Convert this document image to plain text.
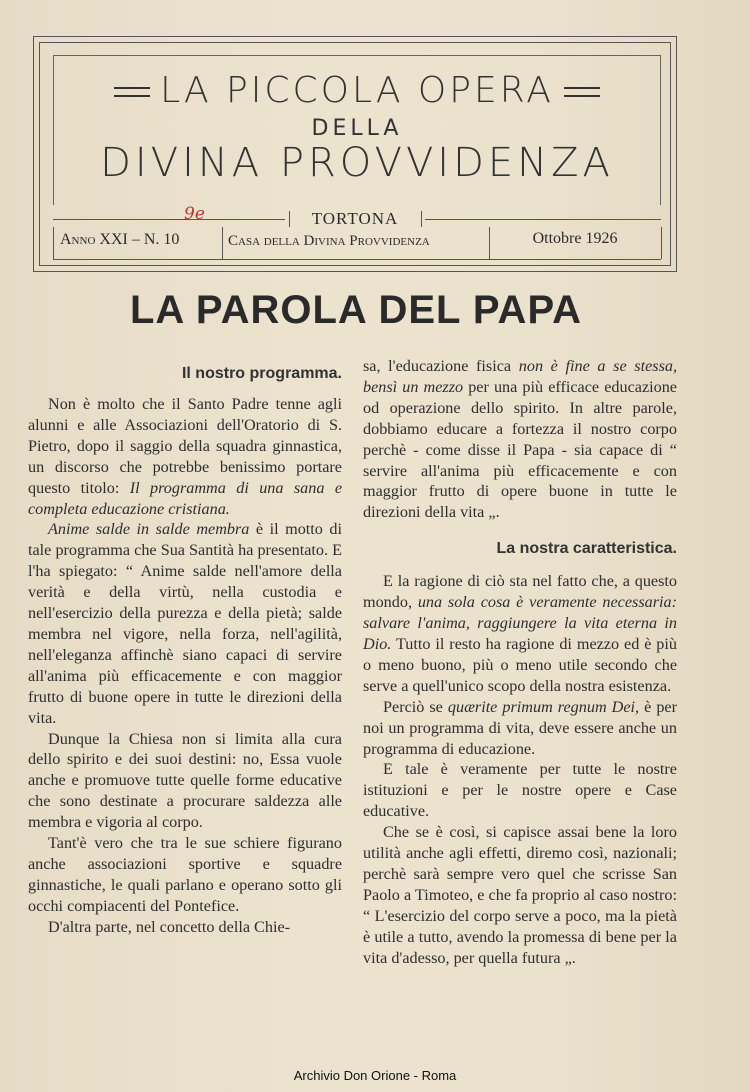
LA PICCOLA OPERA
DELLA
DIVINA PROVVIDENZA
TORTONA
Anno XXI – N. 10	Casa della Divina Provvidenza	Ottobre 1926
9e
LA PAROLA DEL PAPA
Il nostro programma.

Non è molto che il Santo Padre tenne agli alunni e alle Associazioni dell'Oratorio di S. Pietro, dopo il saggio della squadra ginnastica, un discorso che potrebbe benissimo portare questo titolo: Il programma di una sana e completa educazione cristiana.

Anime salde in salde membra è il motto di tale programma che Sua Santità ha presentato. E l'ha spiegato: “ Anime salde nell'amore della verità e della virtù, nella custodia e nell'esercizio della purezza e della pietà; salde membra nel vigore, nella forza, nell'agilità, nell'eleganza affinchè siano capaci di servire all'anima più efficacemente e con maggior frutto di buone opere in tutte le direzioni della vita.

Dunque la Chiesa non si limita alla cura dello spirito e dei suoi destini: no, Essa vuole anche e promuove tutte quelle forme educative che sono destinate a procurare saldezza alle membra e vigoria al corpo.

Tant'è vero che tra le sue schiere figurano anche associazioni sportive e squadre ginnastiche, le quali parlano e operano sotto gli occhi compiacenti del Pontefice.

D'altra parte, nel concetto della Chie-

sa, l'educazione fisica non è fine a se stessa, bensì un mezzo per una più efficace educazione od operazione dello spirito. In altre parole, dobbiamo educare a fortezza il nostro corpo perchè - come disse il Papa - sia capace di “ servire all'anima più efficacemente e con maggior frutto di opere buone in tutte le direzioni della vita „.

La nostra caratteristica.

E la ragione di ciò sta nel fatto che, a questo mondo, una sola cosa è veramente necessaria: salvare l'anima, raggiungere la vita eterna in Dio. Tutto il resto ha ragione di mezzo ed è più o meno buono, più o meno utile secondo che serve a quell'unico scopo della nostra esistenza.

Perciò se quærite primum regnum Dei, è per noi un programma di vita, deve essere anche un programma di educazione.

E tale è veramente per tutte le nostre istituzioni e per le nostre opere e Case educative.

Che se è così, si capisce assai bene la loro utilità anche agli effetti, diremo così, nazionali; perchè sarà sempre vero quel che scrisse San Paolo a Timoteo, e che fa proprio al caso nostro: “ L'esercizio del corpo serve a poco, ma la pietà è utile a tutto, avendo la promessa di bene per la vita d'adesso, per quella futura „.

Archivio Don Orione - Roma
